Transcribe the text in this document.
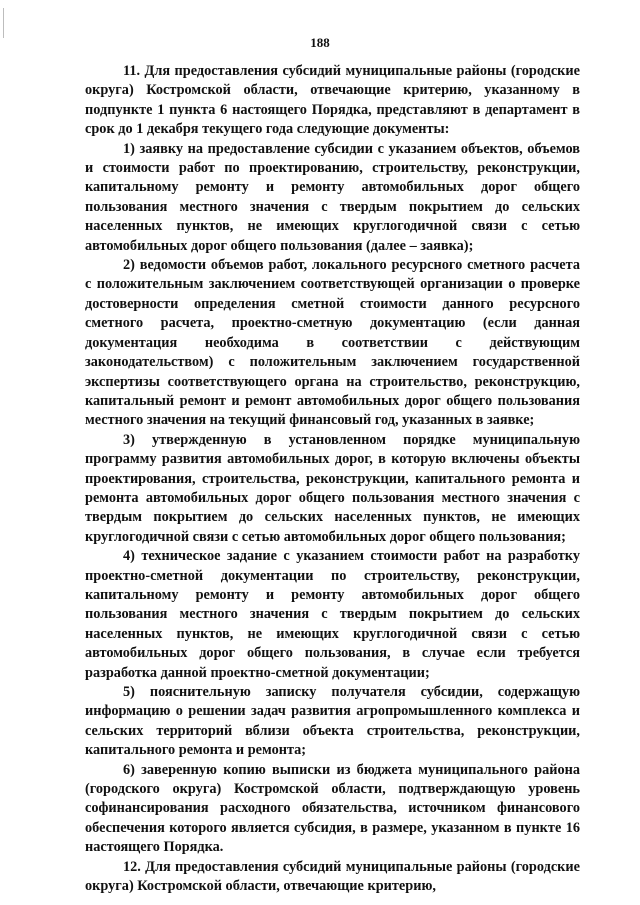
188

11. Для предоставления субсидий муниципальные районы (городские округа) Костромской области, отвечающие критерию, указанному в подпункте 1 пункта 6 настоящего Порядка, представляют в департамент в срок до 1 декабря текущего года следующие документы:

1) заявку на предоставление субсидии с указанием объектов, объемов и стоимости работ по проектированию, строительству, реконструкции, капитальному ремонту и ремонту автомобильных дорог общего пользования местного значения с твердым покрытием до сельских населенных пунктов, не имеющих круглогодичной связи с сетью автомобильных дорог общего пользования (далее – заявка);

2) ведомости объемов работ, локального ресурсного сметного расчета с положительным заключением соответствующей организации о проверке достоверности определения сметной стоимости данного ресурсного сметного расчета, проектно-сметную документацию (если данная документация необходима в соответствии с действующим законодательством) с положительным заключением государственной экспертизы соответствующего органа на строительство, реконструкцию, капитальный ремонт и ремонт автомобильных дорог общего пользования местного значения на текущий финансовый год, указанных в заявке;

3) утвержденную в установленном порядке муниципальную программу развития автомобильных дорог, в которую включены объекты проектирования, строительства, реконструкции, капитального ремонта и ремонта автомобильных дорог общего пользования местного значения с твердым покрытием до сельских населенных пунктов, не имеющих круглогодичной связи с сетью автомобильных дорог общего пользования;

4) техническое задание с указанием стоимости работ на разработку проектно-сметной документации по строительству, реконструкции, капитальному ремонту и ремонту автомобильных дорог общего пользования местного значения с твердым покрытием до сельских населенных пунктов, не имеющих круглогодичной связи с сетью автомобильных дорог общего пользования, в случае если требуется разработка данной проектно-сметной документации;

5) пояснительную записку получателя субсидии, содержащую информацию о решении задач развития агропромышленного комплекса и сельских территорий вблизи объекта строительства, реконструкции, капитального ремонта и ремонта;

6) заверенную копию выписки из бюджета муниципального района (городского округа) Костромской области, подтверждающую уровень софинансирования расходного обязательства, источником финансового обеспечения которого является субсидия, в размере, указанном в пункте 16 настоящего Порядка.

12. Для предоставления субсидий муниципальные районы (городские округа) Костромской области, отвечающие критерию,
